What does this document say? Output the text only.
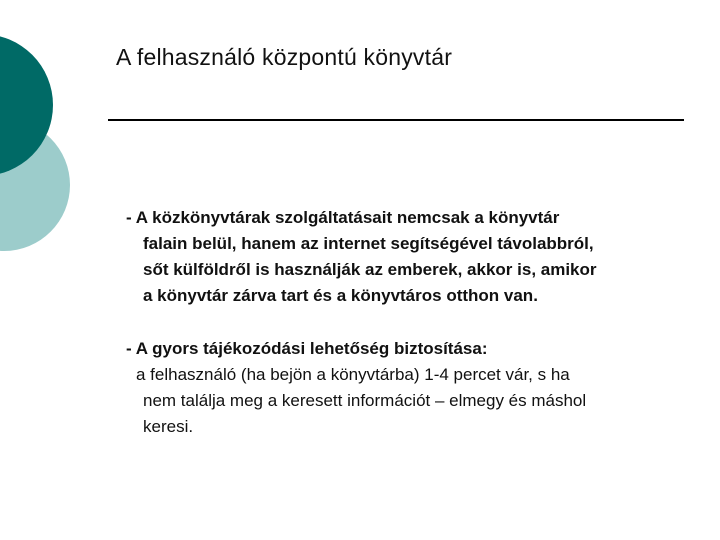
A felhasználó központú könyvtár

- A közkönyvtárak szolgáltatásait nemcsak a könyvtár
falain belül, hanem az internet segítségével távolabbról,
sőt külföldről is használják az emberek, akkor is, amikor
a könyvtár zárva tart és a könyvtáros otthon van.

- A gyors tájékozódási lehetőség biztosítása:
a felhasználó (ha bejön a könyvtárba) 1-4 percet vár, s ha
nem találja meg a keresett információt – elmegy és máshol
keresi.
